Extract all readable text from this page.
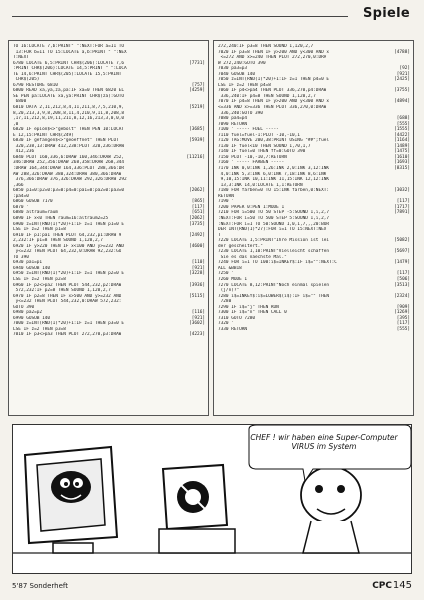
Spiele
TO 16:LOCATE 7,b:PRINT" ":NEXT:FOR a=11 TO
13:FOR b=11 TO 15:LOCATE a,b:PRINT " ":NEX
T:NEXT
6780 LOCATE 6,5:PRINT CHR$(206):LOCATE 7,6	[7731]
:PRINT CHR$(206):LOCATE 14,5:PRINT " ":LOCA
TE 14,6:PRINT CHR$(205):LOCATE 15,5:PRINT
CHR$(205)
6790 RESTORE 6810	[757]
6800 READ xa,ya,za,pa:IF xa=0 THEN 6820 EL	[4259]
SE PEN pa:LOCATE xa,ya:PRINT CHR$(za):GOTO
6800
6810 DATA 2,11,212,8,4,11,211,8,7,5,210,9,	[5219]
8,20,213,3,9,8,208,8,11,4,210,9,11,8,208,8
,17,11,212,8,19,11,211,8,12,16,213,3,0,0,0
,0
6820 IF epion$<>"gebolt" THEN PEN 10:LOCAT	[3685]
E 12,15:PRINT CHR$(249)
6830 IF gefangen$<>"geoeffnet" THEN PLOT	[5939]
320,238,13:DRAW 412,238:PLOT 320,236:DRAW
412,236
6840 PLOT 160,336,6:DRAW 160,346:DRAW 252,	[11216]
346:DRAW 252,356:DRAW 268,358:DRAW 268,344
:DRAW 164,344:DRAW 164,336:PLOT 288,366:DR
AW 288,326:DRAW 380,324:DRAW 380,366:DRAW
376,366:DRAW 376,326:DRAW 292,326:DRAW 292
,366
6850 p1=0:p2=0:p3=0:p4=0:pa1=0:pa2=0:pa3=0	[2062]
:pa4=0
6860 GOSUB 7170	[865]
6870 '	[117]
6880 altraum=raum	[651]
6890 IF x<0 THEN raum=16:altraum2=25	[2062]
6900 z=INT(RND(1)*20)+1:IF z=1 THEN p1=0 E	[3735]
LSE IF z=2 THEN p1=8
6910 IF p1:pa1 THEN PLOT 64,232,p1:DRAW 9	[2492]
2,232:IF p1=8 THEN SOUND 1,120,2,7
6920 IF y>220 THEN IF x<100 AND y>=232 AND	[4600]
y<=232 THEN PLOT 64,232,0:DRAW 92,232:GO
TO 390
6930 pa1=p1	[110]
6940 GOSUB 140	[921]
6950 z=INT(RND(1)*20)+1:IF z=1 THEN p2=0 E	[3228]
LSE IF z=2 THEN p2=8
6960 IF p2<>pa2 THEN PLOT 544,232,p2:DRAW	[3936]
572,232:IF p2=8 THEN SOUND 1,120,2,7
6970 IF p2=8 THEN IF x>500 AND y>=232 AND	[5115]
y<=232 THEN PLOT 544,232,0:DRAW 572,232:
GOTO 390
6980 pa2=p2	[116]
6990 GOSUB 140	[921]
7000 z=INT(RND(1)*20)+1:IF z=1 THEN p3=0 E	[3602]
LSE IF z=2 THEN p3=8
7010 IF p3<>pa3 THEN PLOT 272,270,p3:DRAW	[4223]
272,240:IF p3=8 THEN SOUND 1,120,2,7
7020 IF p3=8 THEN IF y>200 AND y<300 AND x	[4788]
<=272 AND x>=240 THEN PLOT 272,270,0:DRA
W 272,240:GOTO 390
7030 pa3=p3	[92]
7040 GOSUB 140	[921]
7050 z=INT(RND(1)*20)+1:IF z=1 THEN p4=0 E	[2425]
LSE IF z=2 THEN p4=8
7060 IF p4<>pa4 THEN PLOT 336,270,p4:DRAW	[3755]
336,240:IF p4=8 THEN SOUND 1,120,2,7
7070 IF p4=8 THEN IF y>200 AND y<300 AND x	[4894]
<=336 AND x>=336 THEN PLOT 336,270,0:DRAW
336,240:GOTO 390
7080 pa4=p4	[688]
7090 RETURN	[555]
7100 ' ----- FUEL -----	[1555]
7110 fuel=fuel-1:PLOT -10,-10,1	[4422]
7120 TAG:MOVE 200,38:PRINT USING "##";fuel	[1164]
7130 IF fuel<10 THEN SOUND 1,70,1,7	[1489]
7140 IF fuel=0 THEN ff=0:GOTO 390	[1475]
7150 PLOT -10,-10,7:RETURN	[1610]
7160 ' ----- FARBEN -----	[1693]
7170 INK 0,0:INK 1,26:INK 2,0:INK 3,12:INK	[8315]
4,0:INK 5,3:INK 6,0:INK 7,18:INK 8,6:INK
9,10,15:INK 10,11:INK 11,15:INK 12,12:INK
13,3:INK 14,0:LOCATE 1,1:RETURN
7180 FOR farben=0 TO 15:INK farben,0:NEXT:	[3032]
RETURN
7190 '	[117]
7200 PAPER 0:PEN 1:MODE 1	[1717]
7210 FOR i=500 TO 50 STEP -5:SOUND 1,i,2,7	[7891]
:NEXT:FOR i=50 TO 500 STEP 5:SOUND 1,i,2,7
:NEXT:FOR i=1 TO 50:SOUND 1,0,1,7,,,20:BOR
DER INT(RND(1)*27):FOR i=1 TO 15:NEXT:NEX
T
7220 LOCATE 1,5:PRINT"Ihre Mission ist lei	[5082]
der gescheitert."
7230 LOCATE 1,10:PRINT"Vielleicht schaffen	[5697]
Sie es das naechste Mal."
7240 FOR i=1 TO 100:i$=INKEY$:IF i$="":NEXT:C	[1479]
ALL &BB18
7250 '	[117]
7260 MODE 1	[506]
7270 LOCATE 8,12:PRINT"Noch einmal spielen	[3513]
(j/n)?"
7280 i$=INKEY$:i$=LOWER$(i$):IF i$="" THEN	[2324]
7280
7290 IF i$="j" THEN RUN	[909]
7300 IF i$="n" THEN CALL 0	[1269]
7310 GOTO 7280	[395]
7320 '	[117]
7330 RETURN	[555]
CHEF ! wir haben eine Super-Computer VIRUS im System
5'87 Sonderheft	CPC 145
